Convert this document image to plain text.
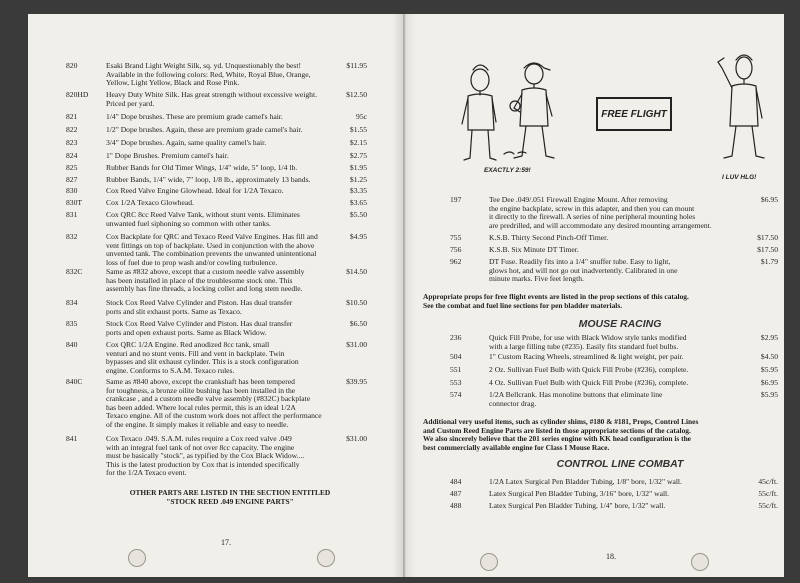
820	Esaki Brand Light Weight Silk, sq. yd. Unquestionably the best!
Available in the following colors: Red, White, Royal Blue, Orange,
Yellow, Light Yellow, Black and Rose Pink.
$11.95
820HD Heavy Duty White Silk. Has great strength without excessive weight.
Priced per yard.
$12.50
821	1/4" Dope brushes. These are premium grade camel's hair.	95c
822	1/2" Dope brushes. Again, these are premium grade camel's hair.	$1.55
823	3/4" Dope brushes. Again, same quality camel's hair.	$2.15
824	1" Dope Brushes. Premium camel's hair.	$2.75
825	Rubber Bands for Old Timer Wings, 1/4" wide, 5" loop, 1/4 lb.	$1.95
827	Rubber Bands, 1/4" wide, 7" loop, 1/8 lb., approximately 13 bands.	$1.25
830	Cox Reed Valve Engine Glowhead. Ideal for 1/2A Texaco.	$3.35
830T	Cox 1/2A Texaco Glowhead.	$3.65
831	Cox QRC 8cc Reed Valve Tank, without stunt vents. Eliminates
unwanted fuel siphoning so common with other tanks.
$5.50
832	Cox Backplate for QRC and Texaco Reed Valve Engines. Has fill and
vent fittings on top of backplate. Used in conjunction with the above
unvented tank. The combination prevents the unwanted unintentional
loss of fuel due to prop wash and/or cowling turbulence.
$4.95
832C	Same as #832 above, except that a custom needle valve assembly
has been installed in place of the troublesome stock one. This
assembly has fine threads, a locking collet and long stem needle.
$14.50
834	Stock Cox Reed Valve Cylinder and Piston. Has dual transfer
ports and slit exhaust ports. Same as Texaco.
$10.50
835	Stock Cox Reed Valve Cylinder and Piston. Has dual transfer
ports and open exhaust ports. Same as Black Widow.
$6.50
840	Cox QRC 1/2A Engine. Red anodized 8cc tank, small
venturi and no stunt vents. Fill and vent in backplate. Twin
bypasses and slit exhaust cylinder. This is a stock configuration
engine. Conforms to S.A.M. Texaco rules.
$31.00
840C	Same as #840 above, except the crankshaft has been tempered
for toughness, a bronze oilite bushing has been installed in the
crankcase , and a custom needle valve assembly (#832C) backplate
has been added. Where local rules permit, this is an ideal 1/2A
Texaco engine. All of the custom work does not affect the performance
of the engine. It simply makes it reliable and easy to needle.
$39.95
841	Cox Texaco .049. S.A.M. rules require a Cox reed valve .049
with an integral fuel tank of not over 8cc capacity. The engine
must be basically "stock", as typified by the Cox Black Widow....
This is the latest production by Cox that is intended specifically
for the 1/2A Texaco event.
$31.00
OTHER PARTS ARE LISTED IN THE SECTION ENTITLED
"STOCK REED .049 ENGINE PARTS"
17.
EXACTLY 2:59!
FREE FLIGHT
I LUV HLG!
197	Tee Dee .049/.051 Firewall Engine Mount. After removing
the engine backplate, screw in this adapter, and then you can mount
it directly to the firewall. A series of nine peripheral mounting holes
are predrilled, and will accommodate any desired mounting arrangement.
$6.95
755	K.S.B. Thirty Second Pinch-Off Timer.	$17.50
756	K.S.B. Six Minute DT Timer.	$17.50
962	DT Fuse. Readily fits into a 1/4" snuffer tube. Easy to light,
glows hot, and will not go out inadvertently. Calibrated in one
minute marks. Five feet length.
$1.79
Appropriate props for free flight events are listed in the prop sections of this catalog.
See the combat and fuel line sections for pen bladder materials.
MOUSE RACING
236	Quick Fill Probe, for use with Black Widow style tanks modified
with a large filling tube (#235). Easily fits standard fuel bulbs.
$2.95
504	1" Custom Racing Wheels, streamlined & light weight, per pair.	$4.50
551	2 Oz. Sullivan Fuel Bulb with Quick Fill Probe (#236), complete.	$5.95
553	4 Oz. Sullivan Fuel Bulb with Quick Fill Probe (#236), complete.	$6.95
574	1/2A Bellcrank. Has monoline buttons that eliminate line
connector drag.
$5.95
Additional very useful items, such as cylinder shims, #180 & #181, Props, Control Lines
and Custom Reed Engine Parts are listed in those appropriate sections of the catalog.
We also sincerely believe that the 201 series engine with KK head configuration is the
best commercially available engine for Class I Mouse Race.
CONTROL LINE COMBAT
484	1/2A Latex Surgical Pen Bladder Tubing, 1/8" bore, 1/32" wall.	45c/ft.
487	Latex Surgical Pen Bladder Tubing, 3/16" bore, 1/32" wall.	55c/ft.
488	Latex Surgical Pen Bladder Tubing, 1/4" bore, 1/32" wall.	55c/ft.
18.
